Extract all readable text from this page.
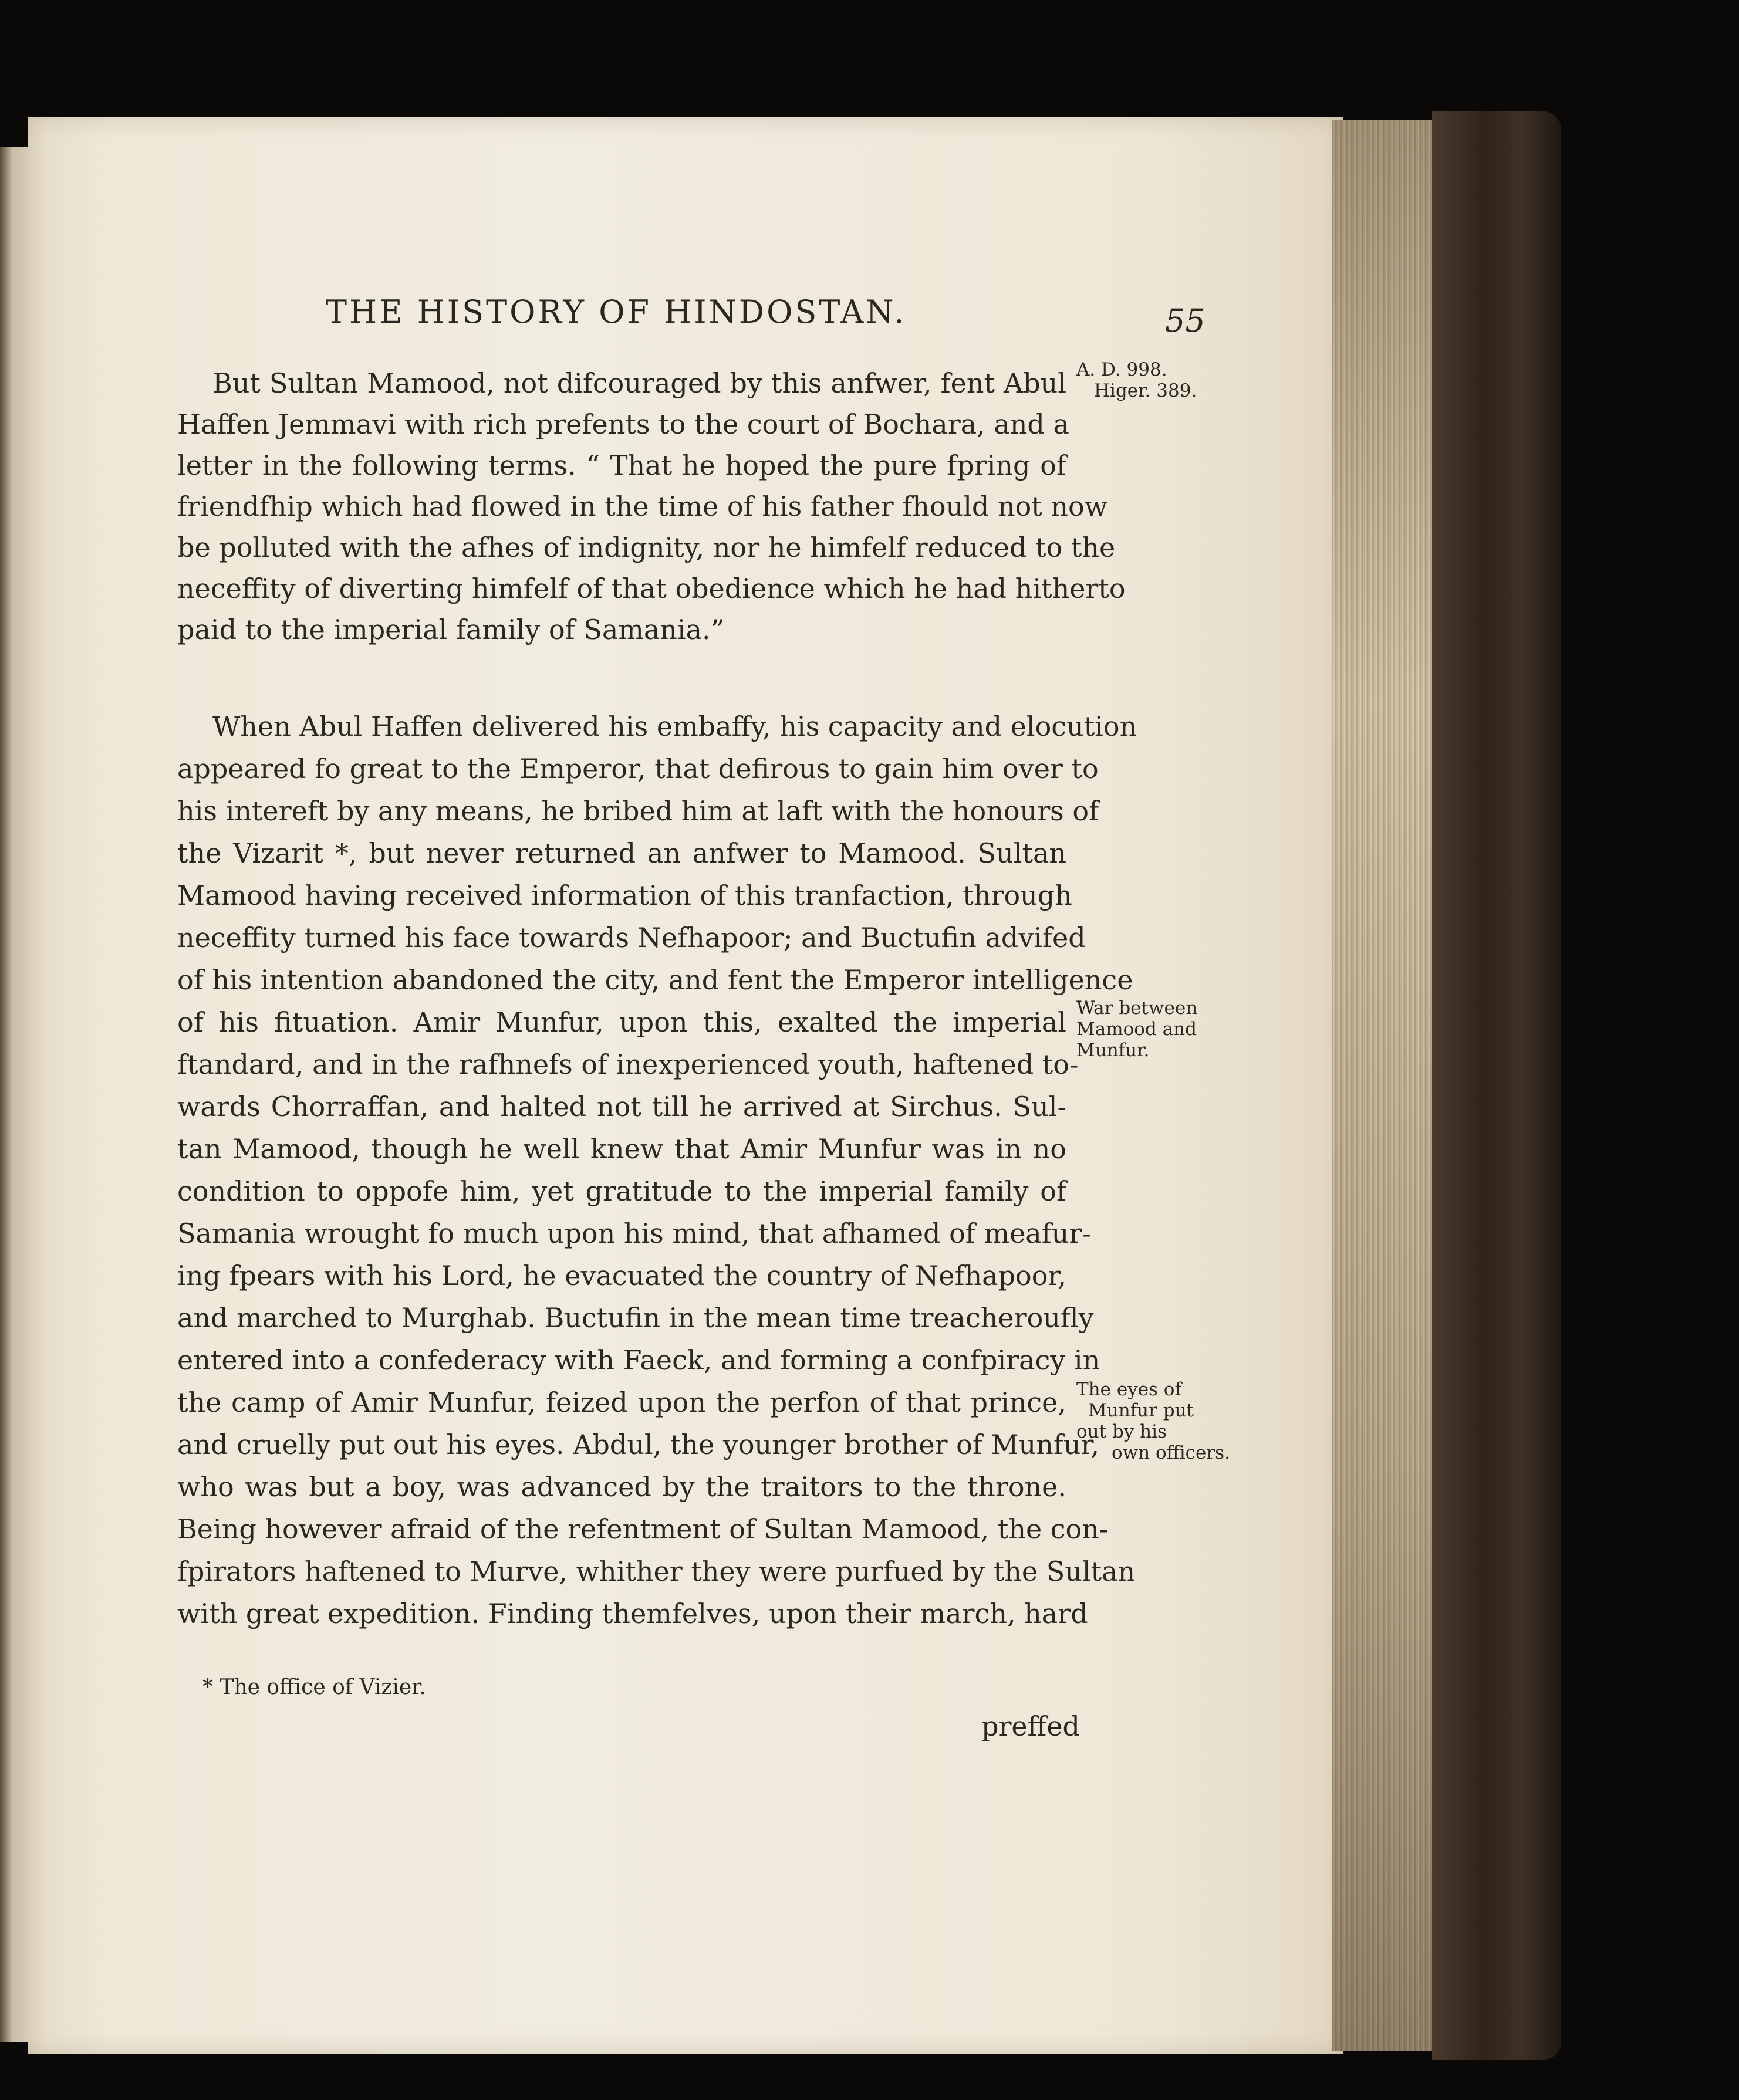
THE HISTORY OF HINDOSTAN.	55
But Sultan Mamood, not difcouraged by this anfwer, fent Abul
Haffen Jemmavi with rich prefents to the court of Bochara, and a
letter in the following terms. “ That he hoped the pure fpring of
friendfhip which had flowed in the time of his father fhould not now
be polluted with the afhes of indignity, nor he himfelf reduced to the
neceffity of diverting himfelf of that obedience which he had hitherto
paid to the imperial family of Samania.”
When Abul Haffen delivered his embaffy, his capacity and elocution
appeared fo great to the Emperor, that defirous to gain him over to
his intereft by any means, he bribed him at laft with the honours of
the Vizarit *, but never returned an anfwer to Mamood. Sultan
Mamood having received information of this tranfaction, through
neceffity turned his face towards Nefhapoor; and Buctufin advifed
of his intention abandoned the city, and fent the Emperor intelligence
of his fituation. Amir Munfur, upon this, exalted the imperial
ftandard, and in the rafhnefs of inexperienced youth, haftened to-
wards Chorraffan, and halted not till he arrived at Sirchus. Sul-
tan Mamood, though he well knew that Amir Munfur was in no
condition to oppofe him, yet gratitude to the imperial family of
Samania wrought fo much upon his mind, that afhamed of meafur-
ing fpears with his Lord, he evacuated the country of Nefhapoor,
and marched to Murghab. Buctufin in the mean time treacheroufly
entered into a confederacy with Faeck, and forming a confpiracy in
the camp of Amir Munfur, feized upon the perfon of that prince,
and cruelly put out his eyes. Abdul, the younger brother of Munfur,
who was but a boy, was advanced by the traitors to the throne.
Being however afraid of the refentment of Sultan Mamood, the con-
fpirators haftened to Murve, whither they were purfued by the Sultan
with great expedition. Finding themfelves, upon their march, hard
A. D. 998.
Higer. 389.
War between
Mamood and
Munfur.
The eyes of
Munfur put
out by his
own officers.
* The office of Vizier.
preffed
